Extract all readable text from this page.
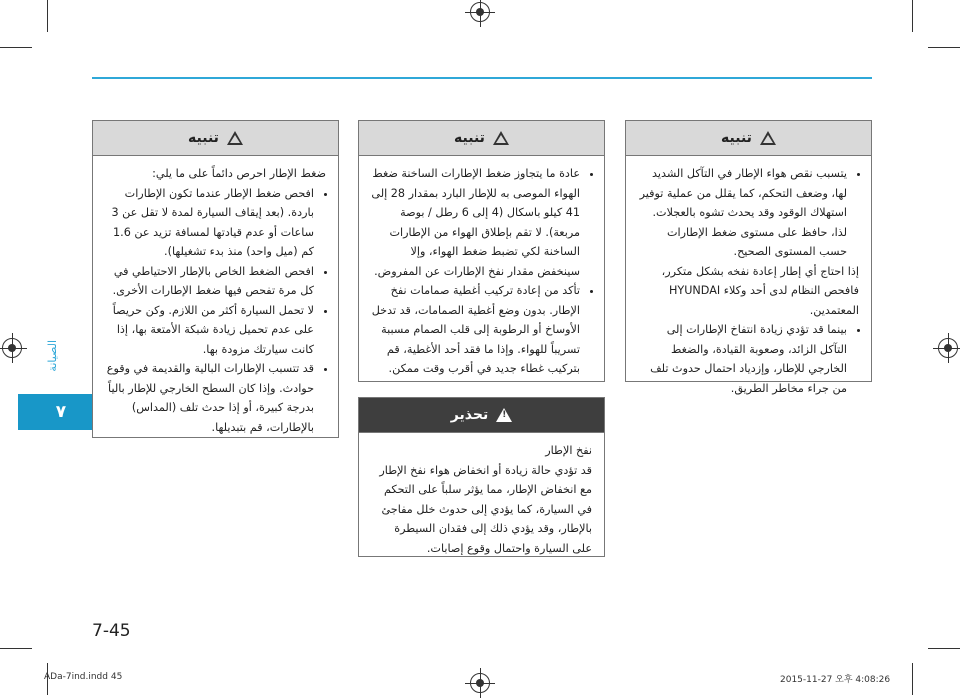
الصيانة
٧
تنبيه
• يتسبب نقص هواء الإطار في التآكل الشديد لها، وضعف التحكم، كما يقلل من عملية توفير استهلاك الوقود وقد يحدث تشوه بالعجلات. لذا، حافظ على مستوى ضغط الإطارات حسب المستوى الصحيح.

إذا احتاج أي إطار إعادة نفخه بشكل متكرر، فافحص النظام لدى أحد وكلاء HYUNDAI المعتمدين.

• بينما قد تؤدي زيادة انتفاخ الإطارات إلى التآكل الزائد، وصعوبة القيادة، والضغط الخارجي للإطار، وإزدياد احتمال حدوث تلف من جراء مخاطر الطريق.
تنبيه
• عادة ما يتجاوز ضغط الإطارات الساخنة ضغط الهواء الموصى به للإطار البارد بمقدار 28 إلى 41 كيلو باسكال (4 إلى 6 رطل / بوصة مربعة). لا تقم بإطلاق الهواء من الإطارات الساخنة لكي تضبط ضغط الهواء، وإلا سينخفض مقدار نفخ الإطارات عن المفروض.
• تأكد من إعادة تركيب أغطية صمامات نفخ الإطار. بدون وضع أغطية الصمامات، قد تدخل الأوساخ أو الرطوبة إلى قلب الصمام مسببة تسريباً للهواء. وإذا ما فقد أحد الأغطية، قم بتركيب غطاء جديد في أقرب وقت ممكن.
تحذير
!

نفخ الإطار

قد تؤدي حالة زيادة أو انخفاض هواء نفخ الإطار مع انخفاض الإطار، مما يؤثر سلباً على التحكم في السيارة، كما يؤدي إلى حدوث خلل مفاجئ بالإطار، وقد يؤدي ذلك إلى فقدان السيطرة على السيارة واحتمال وقوع إصابات.

تنبيه

ضغط الإطار احرص دائماً على ما يلي:

• افحص ضغط الإطار عندما تكون الإطارات باردة. (بعد إيقاف السيارة لمدة لا تقل عن 3 ساعات أو عدم قيادتها لمسافة تزيد عن 1.6 كم (ميل واحد) منذ بدء تشغيلها).
• افحص الضغط الخاص بالإطار الاحتياطي في كل مرة تفحص فيها ضغط الإطارات الأخرى.
• لا تحمل السيارة أكثر من اللازم. وكن حريصاً على عدم تحميل زيادة شبكة الأمتعة بها، إذا كانت سيارتك مزودة بها.
• قد تتسبب الإطارات البالية والقديمة في وقوع حوادث. وإذا كان السطح الخارجي للإطار بالياً بدرجة كبيرة، أو إذا حدث تلف (المداس) بالإطارات، قم بتبديلها.
7-45
ADa-7ind.indd 45	2015-11-27 오후 4:08:26
